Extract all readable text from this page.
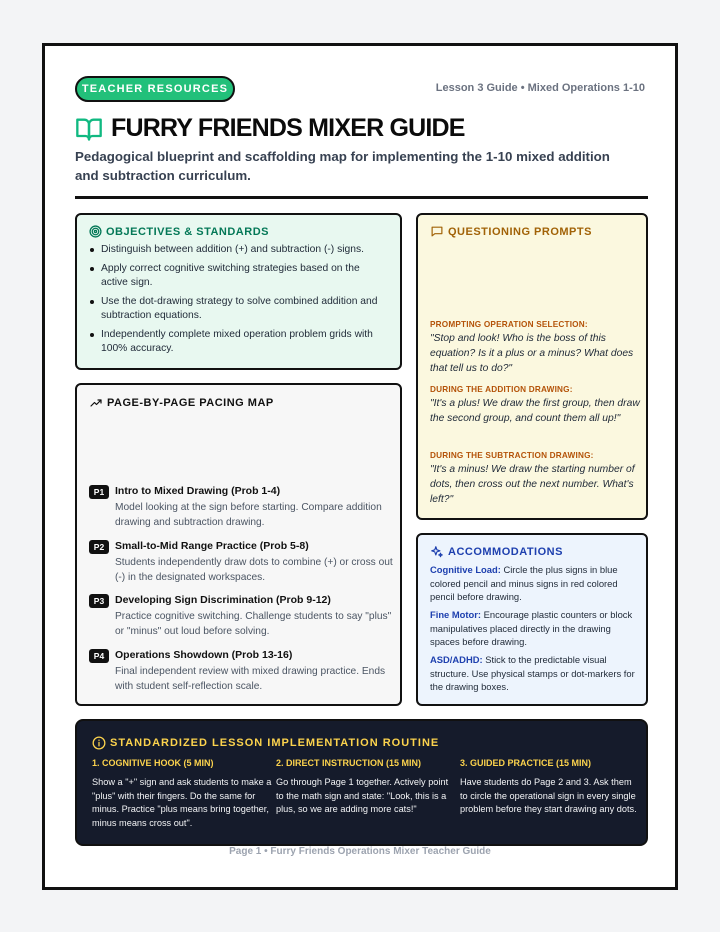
TEACHER RESOURCES	Lesson 3 Guide • Mixed Operations 1-10
FURRY FRIENDS MIXER GUIDE
Pedagogical blueprint and scaffolding map for implementing the 1-10 mixed addition and subtraction curriculum.
OBJECTIVES & STANDARDS
Distinguish between addition (+) and subtraction (-) signs.
Apply correct cognitive switching strategies based on the active sign.
Use the dot-drawing strategy to solve combined addition and subtraction equations.
Independently complete mixed operation problem grids with 100% accuracy.
PAGE-BY-PAGE PACING MAP
P1	Intro to Mixed Drawing (Prob 1-4)
Model looking at the sign before starting. Compare addition drawing and subtraction drawing.
P2	Small-to-Mid Range Practice (Prob 5-8)
Students independently draw dots to combine (+) or cross out (-) in the designated workspaces.
P3	Developing Sign Discrimination (Prob 9-12)
Practice cognitive switching. Challenge students to say "plus" or "minus" out loud before solving.
P4	Operations Showdown (Prob 13-16)
Final independent review with mixed drawing practice. Ends with student self-reflection scale.
QUESTIONING PROMPTS
PROMPTING OPERATION SELECTION:
"Stop and look! Who is the boss of this equation? Is it a plus or a minus? What does that tell us to do?"
DURING THE ADDITION DRAWING:
"It's a plus! We draw the first group, then draw the second group, and count them all up!"
DURING THE SUBTRACTION DRAWING:
"It's a minus! We draw the starting number of dots, then cross out the next number. What's left?"
ACCOMMODATIONS
Cognitive Load: Circle the plus signs in blue colored pencil and minus signs in red colored pencil before drawing.
Fine Motor: Encourage plastic counters or block manipulatives placed directly in the drawing spaces before drawing.
ASD/ADHD: Stick to the predictable visual structure. Use physical stamps or dot-markers for the drawing boxes.
STANDARDIZED LESSON IMPLEMENTATION ROUTINE
1. COGNITIVE HOOK (5 MIN)
Show a "+" sign and ask students to make a "plus" with their fingers. Do the same for minus. Practice "plus means bring together, minus means cross out".
2. DIRECT INSTRUCTION (15 MIN)
Go through Page 1 together. Actively point to the math sign and state: "Look, this is a plus, so we are adding more cats!"
3. GUIDED PRACTICE (15 MIN)
Have students do Page 2 and 3. Ask them to circle the operational sign in every single problem before they start drawing any dots.
Page 1 • Furry Friends Operations Mixer Teacher Guide
